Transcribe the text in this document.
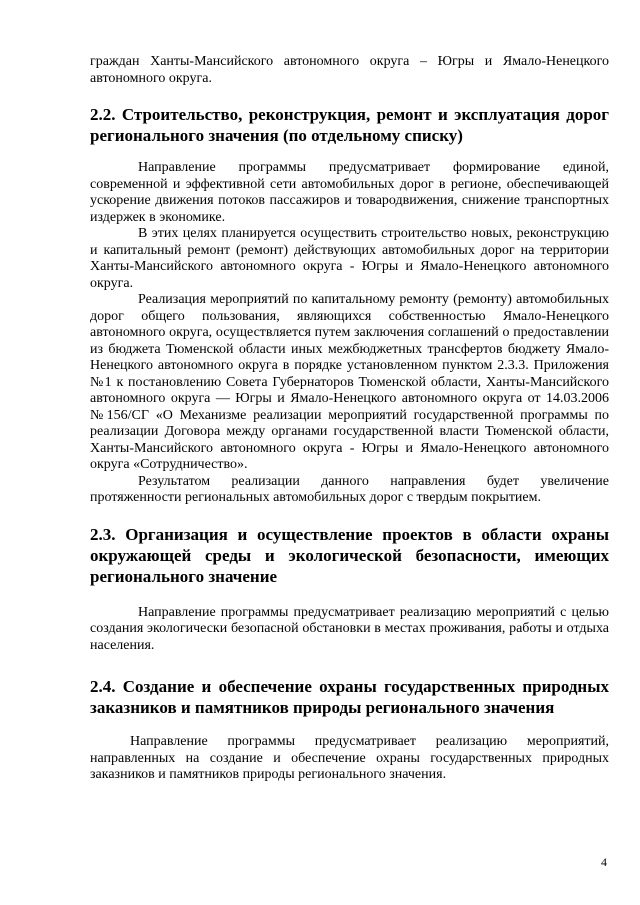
граждан Ханты-Мансийского автономного округа – Югры и Ямало-Ненецкого автономного округа.

2.2. Строительство, реконструкция, ремонт и эксплуатация дорог регионального значения (по отдельному списку)

Направление программы предусматривает формирование единой, современной и эффективной сети автомобильных дорог в регионе, обеспечивающей ускорение движения потоков пассажиров и товародвижения, снижение транспортных издержек в экономике.

В этих целях планируется осуществить строительство новых, реконструкцию и капитальный ремонт (ремонт) действующих автомобильных дорог на территории Ханты-Мансийского автономного округа - Югры и Ямало-Ненецкого автономного округа.

Реализация мероприятий по капитальному ремонту (ремонту) автомобильных дорог общего пользования, являющихся собственностью Ямало-Ненецкого автономного округа, осуществляется путем заключения соглашений о предоставлении из бюджета Тюменской области иных межбюджетных трансфертов бюджету Ямало-Ненецкого автономного округа в порядке установленном пунктом 2.3.3. Приложения №1 к постановлению Совета Губернаторов Тюменской области, Ханты-Мансийского автономного округа — Югры и Ямало-Ненецкого автономного округа от 14.03.2006 №156/СГ «О Механизме реализации мероприятий государственной программы по реализации Договора между органами государственной власти Тюменской области, Ханты-Мансийского автономного округа - Югры и Ямало-Ненецкого автономного округа «Сотрудничество».

Результатом реализации данного направления будет увеличение протяженности региональных автомобильных дорог с твердым покрытием.

2.3. Организация и осуществление проектов в области охраны окружающей среды и экологической безопасности, имеющих регионального значение

Направление программы предусматривает реализацию мероприятий с целью создания экологически безопасной обстановки в местах проживания, работы и отдыха населения.

2.4. Создание и обеспечение охраны государственных природных заказников и памятников природы регионального значения

Направление программы предусматривает реализацию мероприятий, направленных на создание и обеспечение охраны государственных природных заказников и памятников природы регионального значения.

4
